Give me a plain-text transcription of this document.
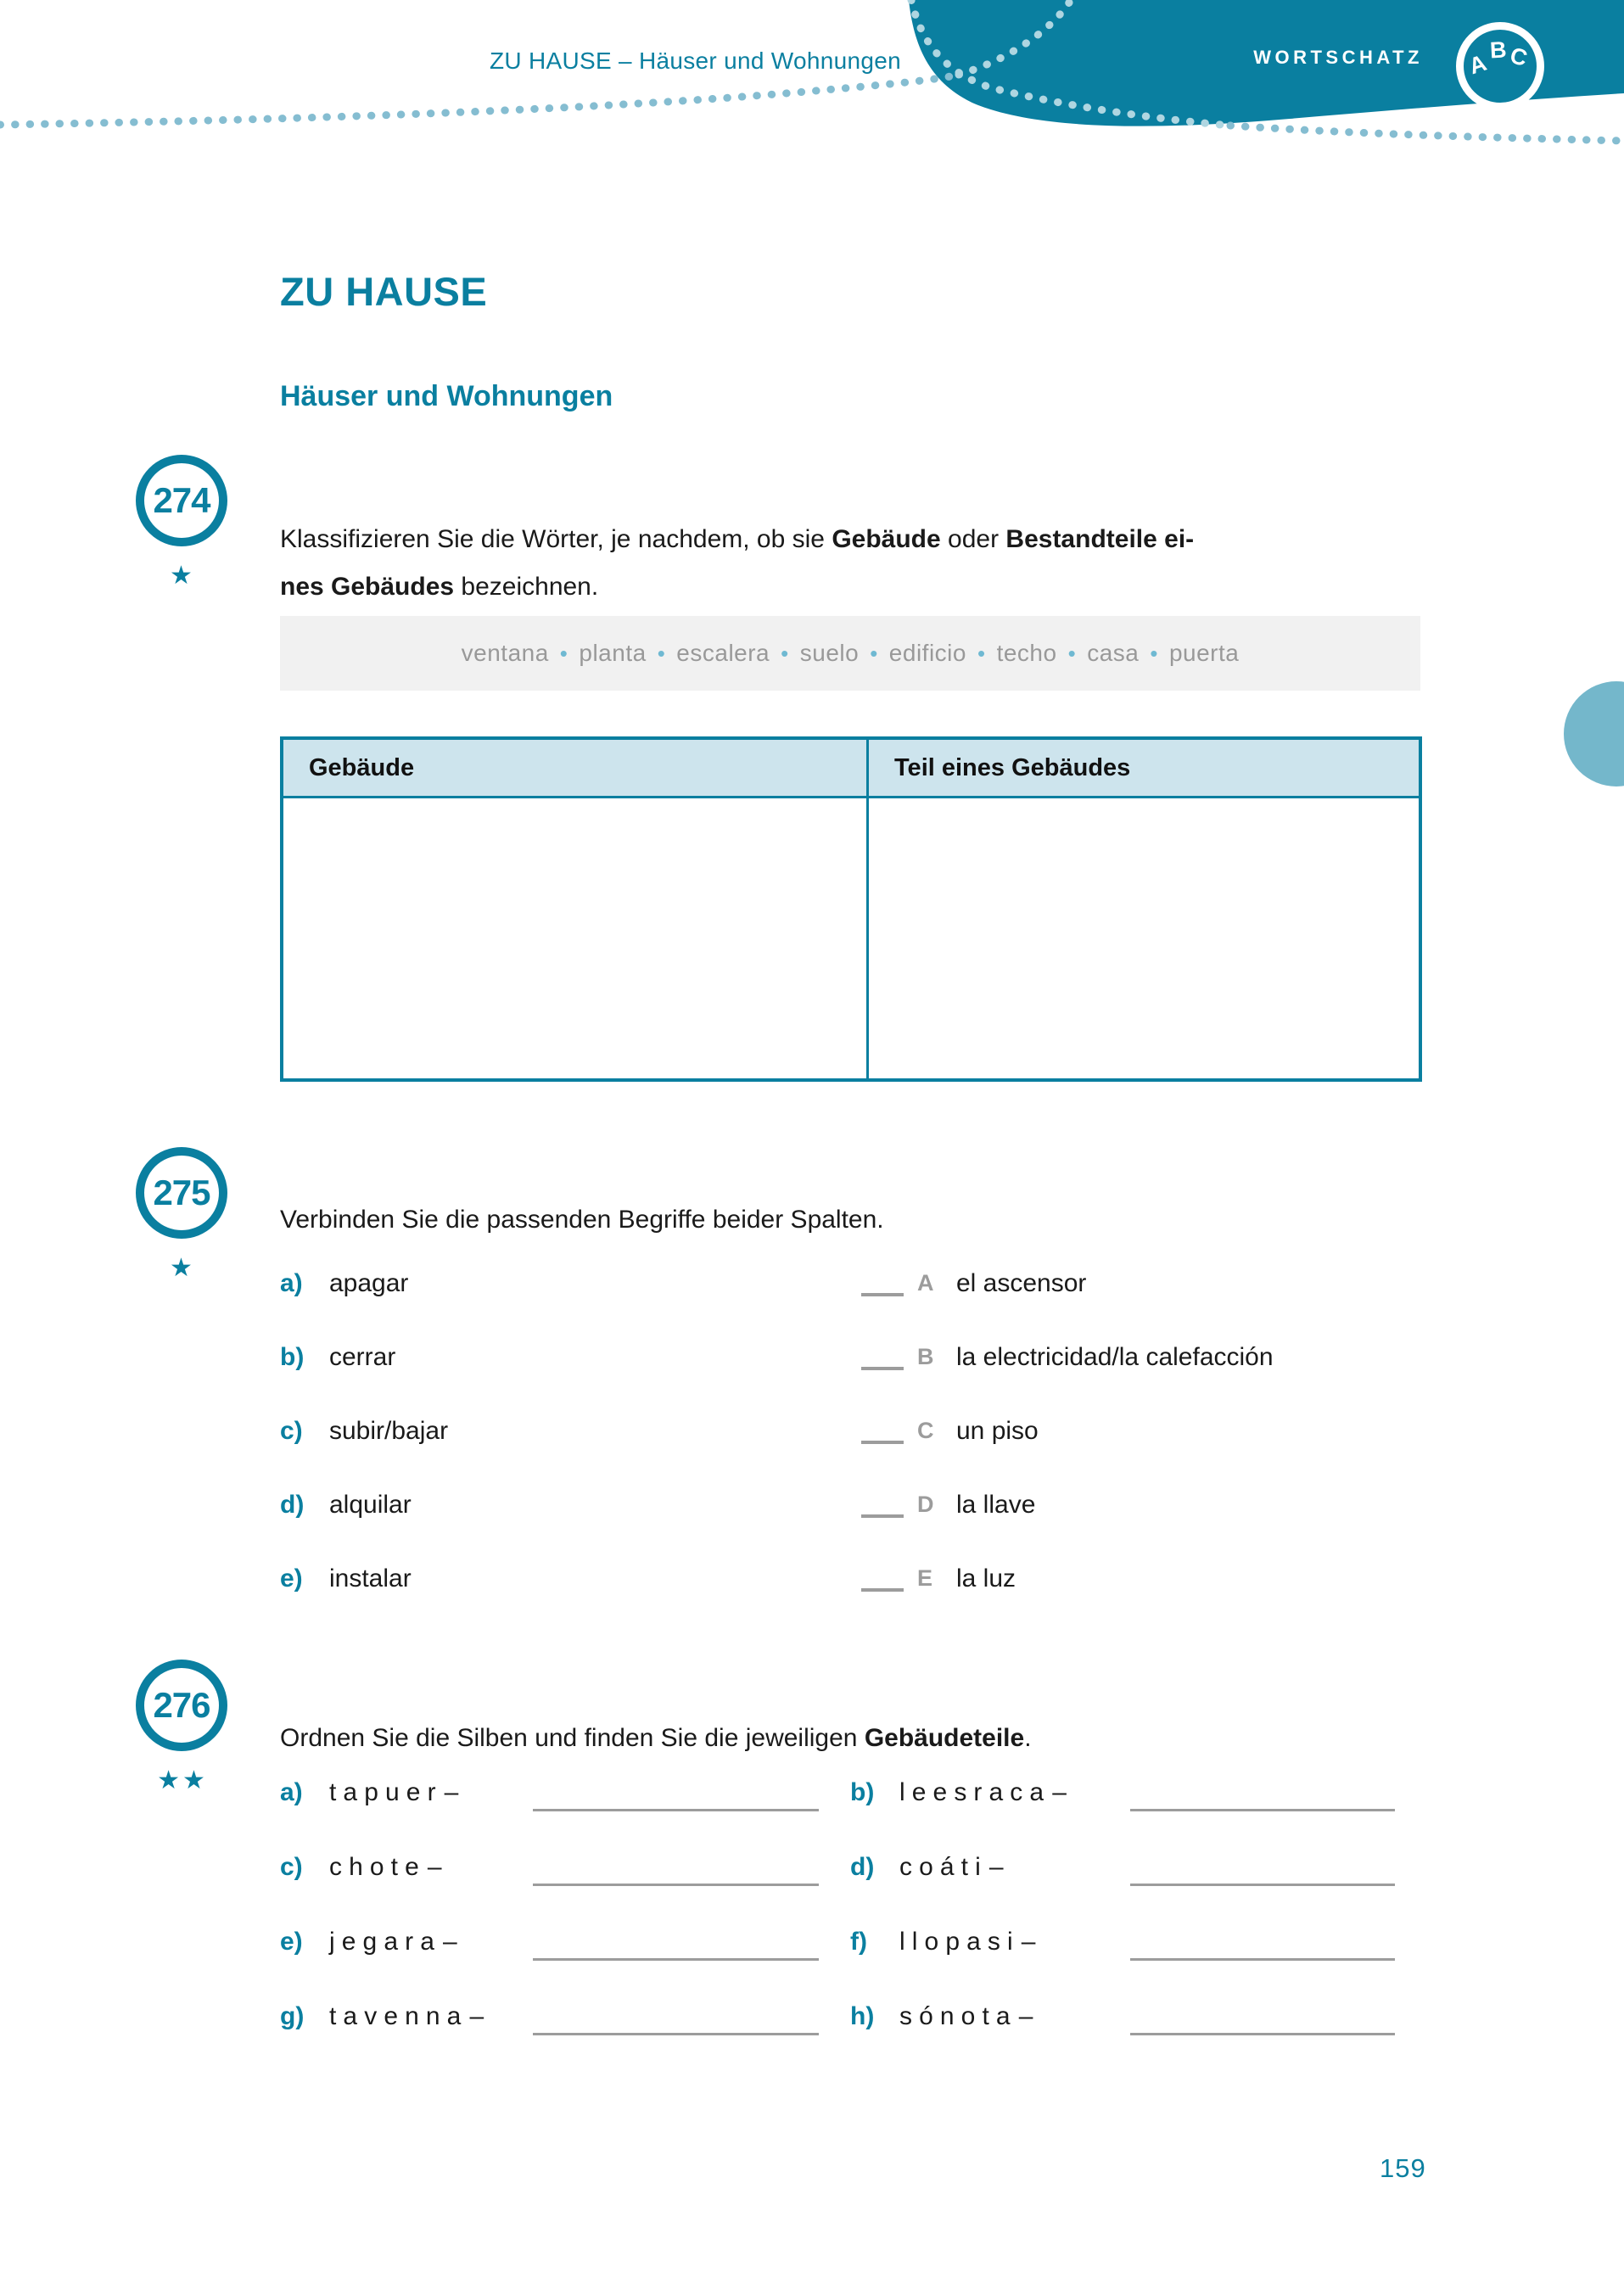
ZU HAUSE – Häuser und Wohnungen	WORTSCHATZ A B C
ZU HAUSE
Häuser und Wohnungen
274
★

Klassifizieren Sie die Wörter, je nachdem, ob sie Gebäude oder Bestandteile ei-
nes Gebäudes bezeichnen.

ventana • planta • escalera • suelo • edificio • techo • casa • puerta
Gebäude	Teil eines Gebäudes
275
★

Verbinden Sie die passenden Begriffe beider Spalten.

a)	apagar	A el ascensor
b) cerrar	B la electricidad/la calefacción
c)	subir/bajar	C un piso
d) alquilar	D la llave
e)	instalar	E la luz
276
★★

Ordnen Sie die Silben und finden Sie die jeweiligen Gebäudeteile.

a)	tapuer –	b) leesraca –
c)	chote –	d) coáti –
e)	jegara –	f)	llopasi –
g) tavenna –	h) sónota –
159
